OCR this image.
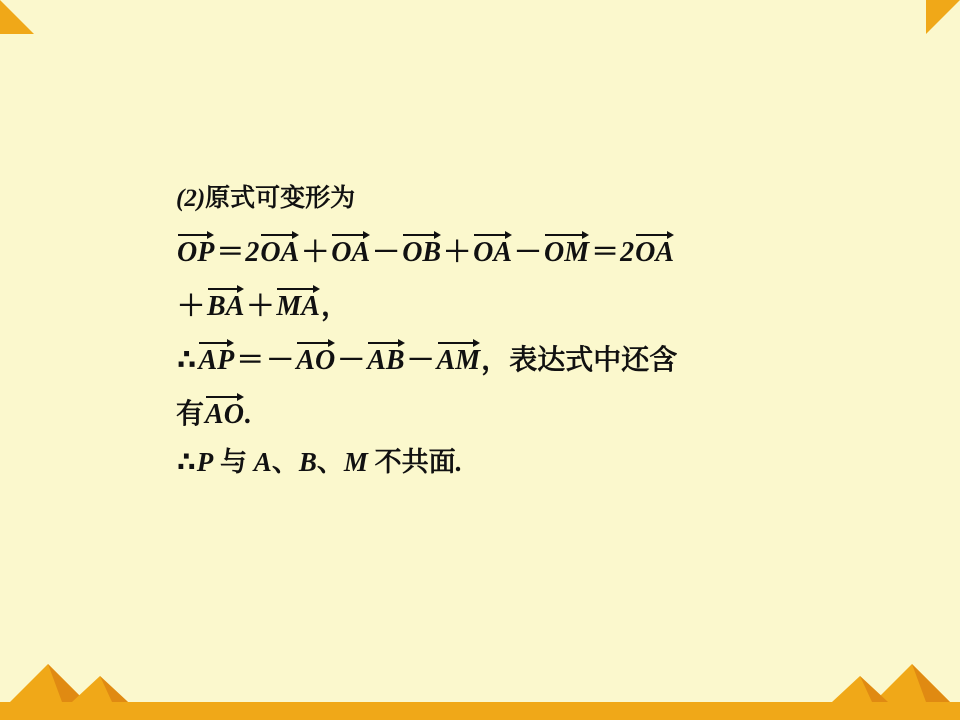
(2)原式可变形为
OP＝2OA＋OA－OB＋OA－OM＝2OA
＋BA＋MA，
∴AP＝－AO－AB－AM，表达式中还含
有AO.
∴P 与 A、B、M 不共面.
